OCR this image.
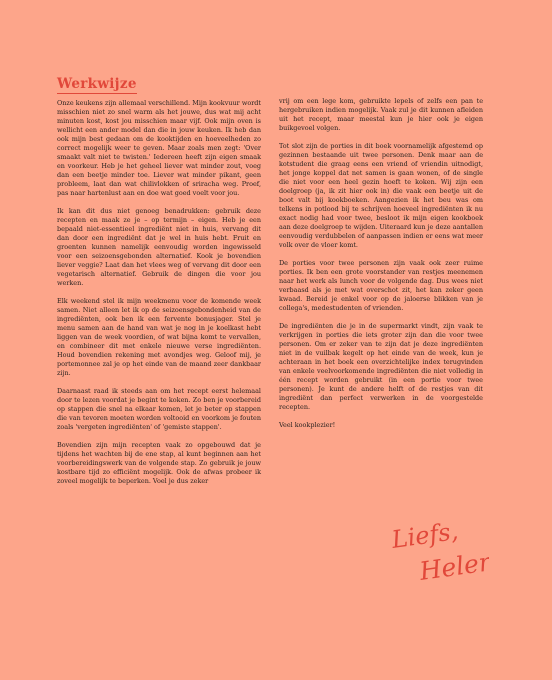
Werkwijze

Onze keukens zijn allemaal verschillend. Mijn kookvuur wordt misschien niet zo snel warm als het jouwe, dus wat mij acht minuten kost, kost jou misschien maar vijf. Ook mijn oven is wellicht een ander model dan die in jouw keuken. Ik heb dan ook mijn best gedaan om de kooktijden en hoeveelheden zo correct mogelijk weer te geven. Maar zoals men zegt: 'Over smaakt valt niet te twisten.' Iedereen heeft zijn eigen smaak en voorkeur. Heb je het geheel liever wat minder zout, voeg dan een beetje minder toe. Liever wat minder pikant, geen probleem, laat dan wat chilivlokken of sriracha weg. Proef, pas naar hartenlust aan en doe wat goed voelt voor jou.

Ik kan dit dus niet genoeg benadrukken: gebruik deze recepten en maak ze je – op termijn – eigen. Heb je een bepaald niet-essentieel ingrediënt niet in huis, vervang dit dan door een ingrediënt dat je wel in huis hebt. Fruit en groenten kunnen namelijk eenvoudig worden ingewisseld voor een seizoensgebonden alternatief. Kook je bovendien liever veggie? Laat dan het vlees weg of vervang dit door een vegetarisch alternatief. Gebruik de dingen die voor jou werken.

Elk weekend stel ik mijn weekmenu voor de komende week samen. Niet alleen let ik op de seizoensgebondenheid van de ingrediënten, ook ben ik een fervente bonusjager. Stel je menu samen aan de hand van wat je nog in je koelkast hebt liggen van de week voordien, of wat bijna komt te vervallen, en combineer dit met enkele nieuwe verse ingrediënten. Houd bovendien rekening met avondjes weg. Geloof mij, je portemonnee zal je op het einde van de maand zeer dankbaar zijn.

Daarnaast raad ik steeds aan om het recept eerst helemaal door te lezen voordat je begint te koken. Zo ben je voorbereid op stappen die snel na elkaar komen, let je beter op stappen die van tevoren moeten worden voltooid en voorkom je fouten zoals 'vergeten ingrediënten' of 'gemiste stappen'.

Bovendien zijn mijn recepten vaak zo opgebouwd dat je tijdens het wachten bij de ene stap, al kunt beginnen aan het voorbereidingswerk van de volgende stap. Zo gebruik je jouw kostbare tijd zo efficiënt mogelijk. Ook de afwas probeer ik zoveel mogelijk te beperken. Voel je dus zeker

vrij om een lege kom, gebruikte lepels of zelfs een pan te hergebruiken indien mogelijk. Vaak zul je dit kunnen afleiden uit het recept, maar meestal kun je hier ook je eigen buikgevoel volgen.

Tot slot zijn de porties in dit boek voornamelijk afgestemd op gezinnen bestaande uit twee personen. Denk maar aan de kotstudent die graag eens een vriend of vriendin uitnodigt, het jonge koppel dat net samen is gaan wonen, of de single die niet voor een heel gezin hoeft te koken. Wij zijn een doelgroep (ja, ik zit hier ook in) die vaak een beetje uit de boot valt bij kookboeken. Aangezien ik het beu was om telkens in potlood bij te schrijven hoeveel ingrediënten ik nu exact nodig had voor twee, besloot ik mijn eigen kookboek aan deze doelgroep te wijden. Uiteraard kun je deze aantallen eenvoudig verdubbelen of aanpassen indien er eens wat meer volk over de vloer komt.

De porties voor twee personen zijn vaak ook zeer ruime porties. Ik ben een grote voorstander van restjes meenemen naar het werk als lunch voor de volgende dag. Dus wees niet verbaasd als je met wat overschot zit, het kan zeker geen kwaad. Bereid je enkel voor op de jaloerse blikken van je collega's, medestudenten of vrienden.

De ingrediënten die je in de supermarkt vindt, zijn vaak te verkrijgen in porties die iets groter zijn dan die voor twee personen. Om er zeker van te zijn dat je deze ingrediënten niet in de vuilbak kegelt op het einde van de week, kun je achteraan in het boek een overzichtelijke index terugvinden van enkele veelvoorkomende ingrediënten die niet volledig in één recept worden gebruikt (in een portie voor twee personen). Je kunt de andere helft of de restjes van dit ingrediënt dan perfect verwerken in de voorgestelde recepten.

Veel kookplezier!

Liefs,
Helen
